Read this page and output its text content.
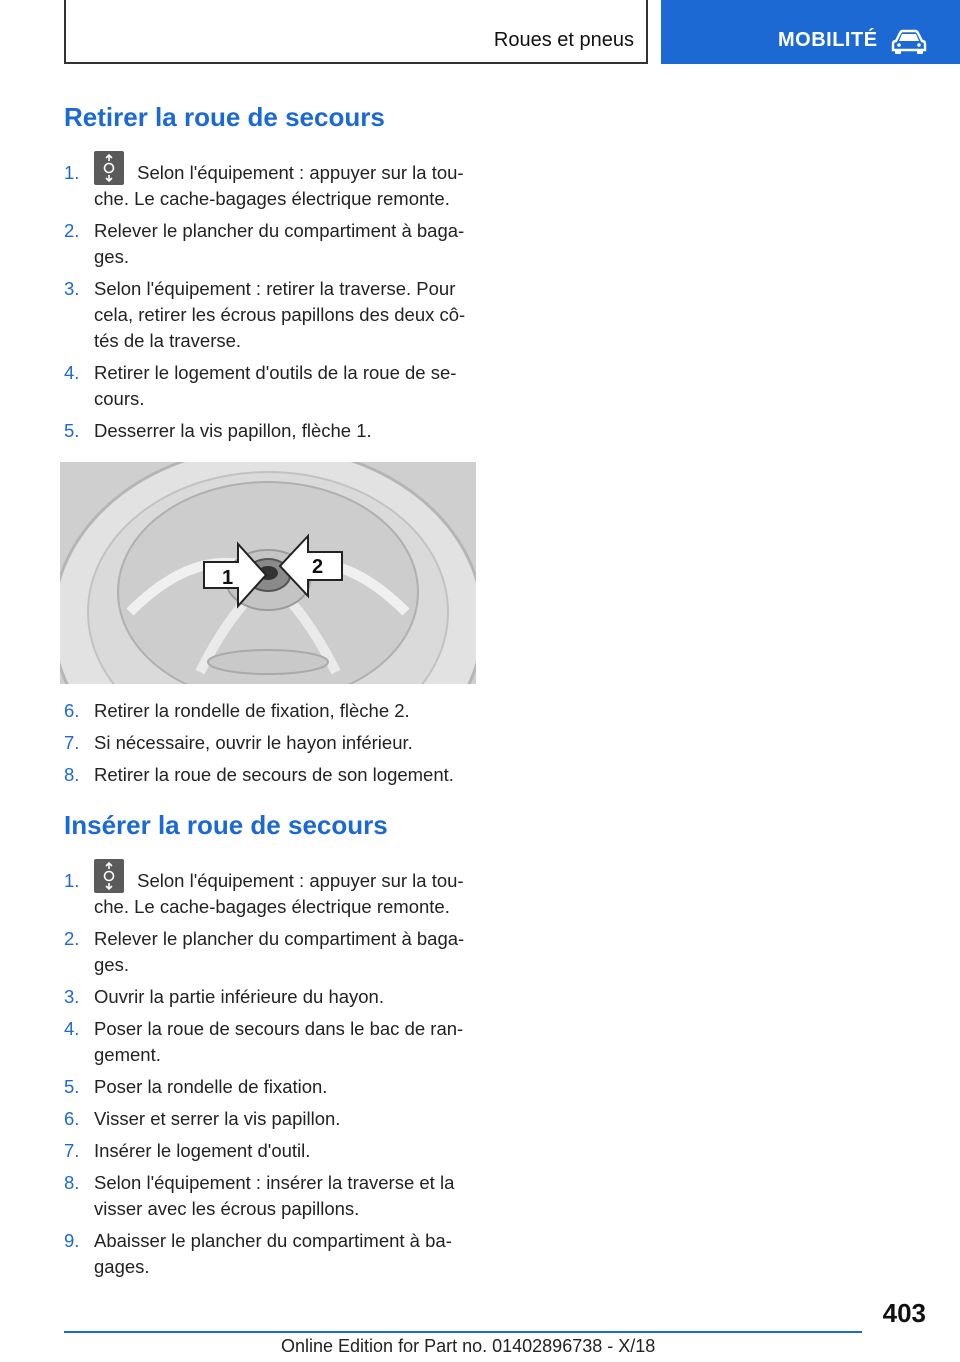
Roues et pneus	MOBILITÉ
Retirer la roue de secours
1.	Selon l'équipement : appuyer sur la tou-che. Le cache-bagages électrique remonte.
2. Relever le plancher du compartiment à baga-ges.
3. Selon l'équipement : retirer la traverse. Pour cela, retirer les écrous papillons des deux cô-tés de la traverse.
4. Retirer le logement d'outils de la roue de se-cours.
5. Desserrer la vis papillon, flèche 1.
1	2
6. Retirer la rondelle de fixation, flèche 2.
7. Si nécessaire, ouvrir le hayon inférieur.
8. Retirer la roue de secours de son logement.
Insérer la roue de secours
1.	Selon l'équipement : appuyer sur la tou-che. Le cache-bagages électrique remonte.
2. Relever le plancher du compartiment à baga-ges.
3. Ouvrir la partie inférieure du hayon.
4. Poser la roue de secours dans le bac de ran-gement.
5. Poser la rondelle de fixation.
6. Visser et serrer la vis papillon.
7. Insérer le logement d'outil.
8. Selon l'équipement : insérer la traverse et la visser avec les écrous papillons.
9. Abaisser le plancher du compartiment à ba-gages.
403
Online Edition for Part no. 01402896738 - X/18
